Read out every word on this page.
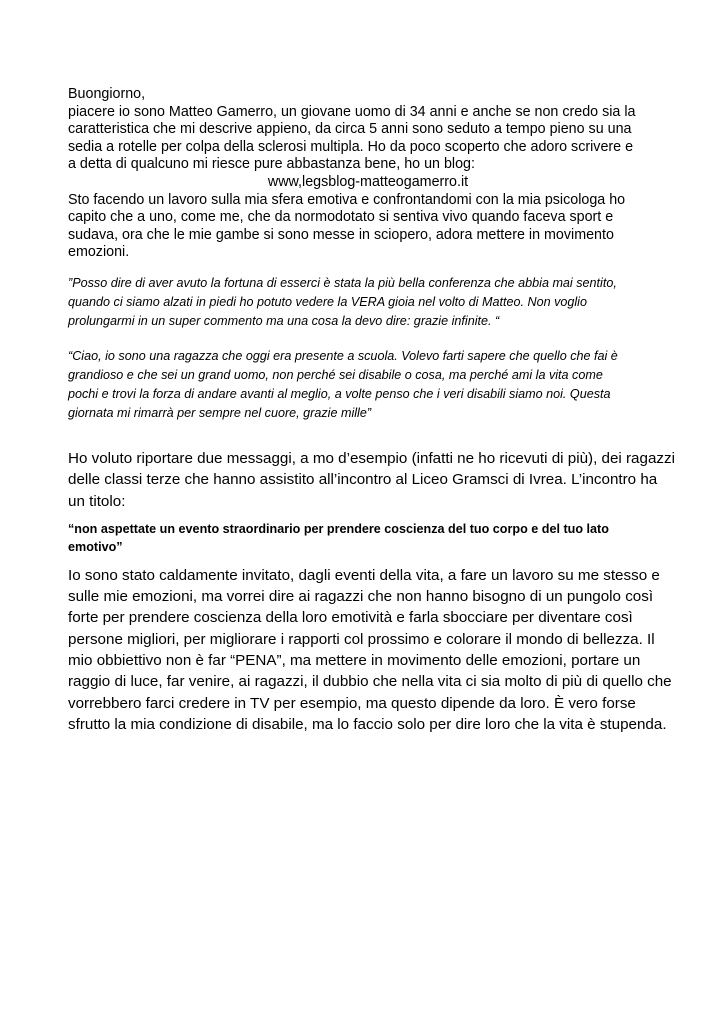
Buongiorno,
piacere io sono Matteo Gamerro, un giovane uomo di 34 anni e anche se non credo sia la
caratteristica che mi descrive appieno, da circa 5 anni sono seduto a tempo pieno su una
sedia a rotelle per colpa della sclerosi multipla. Ho da poco scoperto che adoro scrivere e
a detta di qualcuno mi riesce pure abbastanza bene, ho un blog:
www,legsblog-matteogamerro.it
Sto facendo un lavoro sulla mia sfera emotiva e confrontandomi con la mia psicologa ho
capito che a uno, come me, che da normodotato si sentiva vivo quando faceva sport e
sudava, ora che le mie gambe si sono messe in sciopero, adora mettere in movimento
emozioni.
”Posso dire di aver avuto la fortuna di esserci è stata la più bella conferenza che abbia mai sentito,
quando ci siamo alzati in piedi ho potuto vedere la VERA gioia nel volto di Matteo. Non voglio
prolungarmi in un super commento ma una cosa la devo dire: grazie infinite. “
“Ciao, io sono una ragazza che oggi era presente a scuola. Volevo farti sapere che quello che fai è
grandioso e che sei un grand uomo, non perché sei disabile o cosa, ma perché ami la vita come
pochi e trovi la forza di andare avanti al meglio, a volte penso che i veri disabili siamo noi. Questa
giornata mi rimarrà per sempre nel cuore, grazie mille”
Ho voluto riportare due messaggi, a mo d’esempio (infatti ne ho ricevuti di più), dei ragazzi
delle classi terze che hanno assistito all’incontro al Liceo Gramsci di Ivrea. L’incontro ha
un titolo:
“non aspettate un evento straordinario per prendere coscienza del tuo corpo e del tuo lato
emotivo”
Io sono stato caldamente invitato, dagli eventi della vita, a fare un lavoro su me stesso e
sulle mie emozioni, ma vorrei dire ai ragazzi che non hanno bisogno di un pungolo così
forte per prendere coscienza della loro emotività e farla sbocciare per diventare così
persone migliori, per migliorare i rapporti col prossimo e colorare il mondo di bellezza. Il
mio obbiettivo non è far “PENA”, ma mettere in movimento delle emozioni, portare un
raggio di luce, far venire, ai ragazzi, il dubbio che nella vita ci sia molto di più di quello che
vorrebbero farci credere in TV per esempio, ma questo dipende da loro. È vero forse
sfrutto la mia condizione di disabile, ma lo faccio solo per dire loro che la vita è stupenda.
